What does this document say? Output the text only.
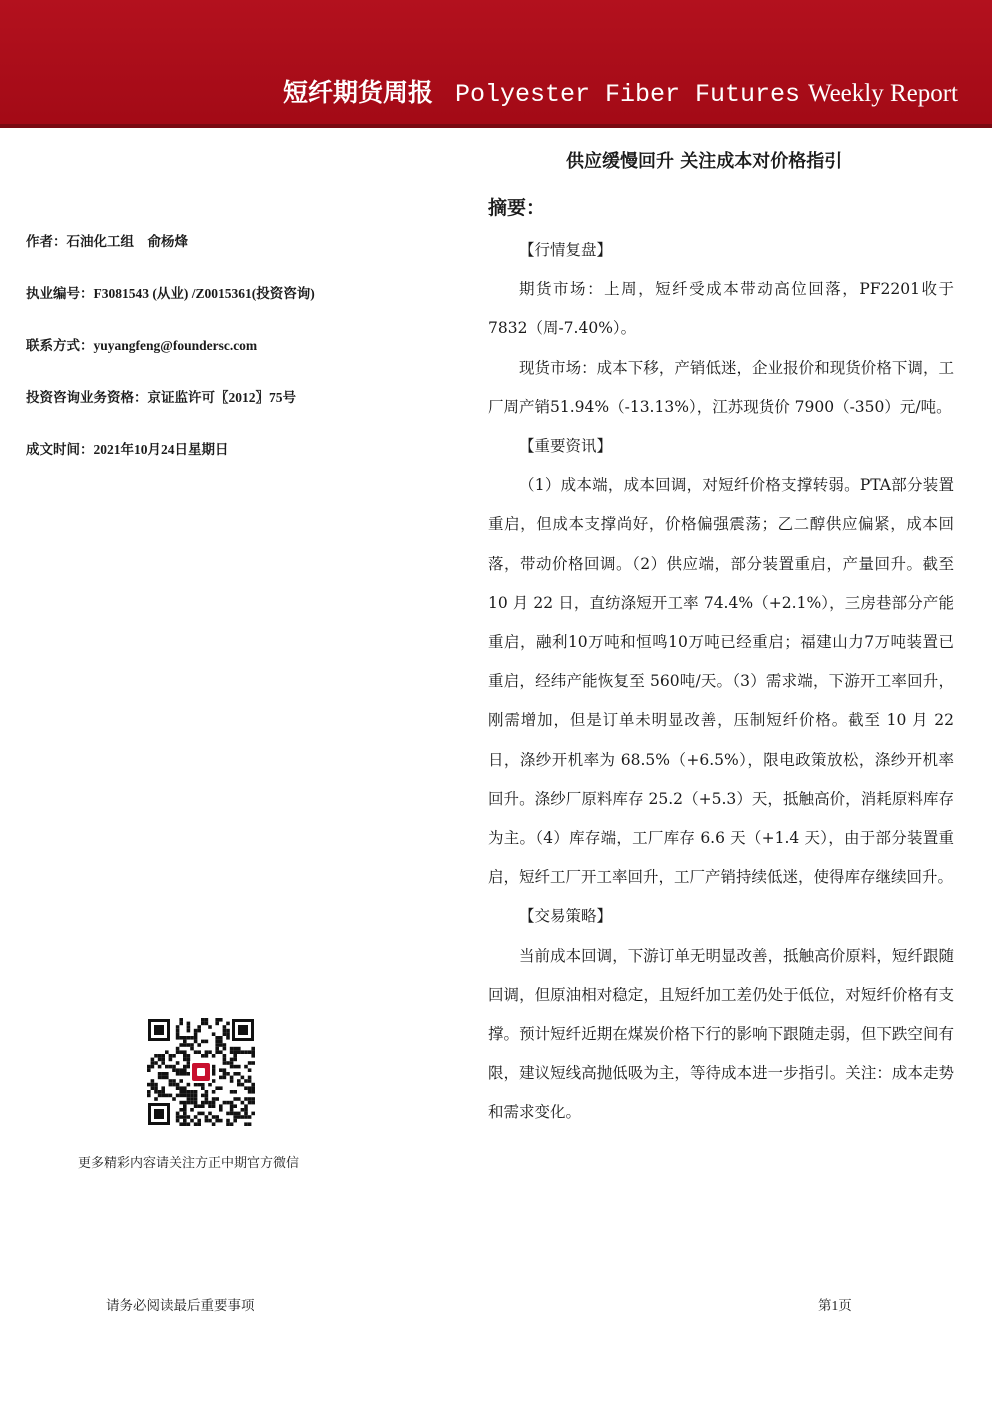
短纤期货周报 Polyester Fiber Futures Weekly Report
供应缓慢回升 关注成本对价格指引
摘要：
作者：石油化工组　俞杨烽
执业编号：F3081543 (从业) /Z0015361(投资咨询)
联系方式：yuyangfeng@foundersc.com
投资咨询业务资格：京证监许可〖2012〗75号
成文时间：2021年10月24日星期日
更多精彩内容请关注方正中期官方微信

【行情复盘】

期货市场：上周，短纤受成本带动高位回落，PF2201收于 7832（周-7.40%）。

现货市场：成本下移，产销低迷，企业报价和现货价格下调，工厂周产销51.94%（-13.13%），江苏现货价 7900（-350）元/吨。

【重要资讯】

（1）成本端，成本回调，对短纤价格支撑转弱。PTA部分装置重启，但成本支撑尚好，价格偏强震荡；乙二醇供应偏紧，成本回落，带动价格回调。（2）供应端，部分装置重启，产量回升。截至 10 月 22 日，直纺涤短开工率 74.4%（+2.1%），三房巷部分产能重启，融利10万吨和恒鸣10万吨已经重启；福建山力7万吨装置已重启，经纬产能恢复至 560吨/天。（3）需求端，下游开工率回升，刚需增加，但是订单未明显改善，压制短纤价格。截至 10 月 22 日，涤纱开机率为 68.5%（+6.5%），限电政策放松，涤纱开机率回升。涤纱厂原料库存 25.2（+5.3）天，抵触高价，消耗原料库存为主。（4）库存端，工厂库存 6.6 天（+1.4 天），由于部分装置重启，短纤工厂开工率回升，工厂产销持续低迷，使得库存继续回升。

【交易策略】

当前成本回调，下游订单无明显改善，抵触高价原料，短纤跟随回调，但原油相对稳定，且短纤加工差仍处于低位，对短纤价格有支撑。预计短纤近期在煤炭价格下行的影响下跟随走弱，但下跌空间有限，建议短线高抛低吸为主，等待成本进一步指引。关注：成本走势和需求变化。

请务必阅读最后重要事项	第1页
